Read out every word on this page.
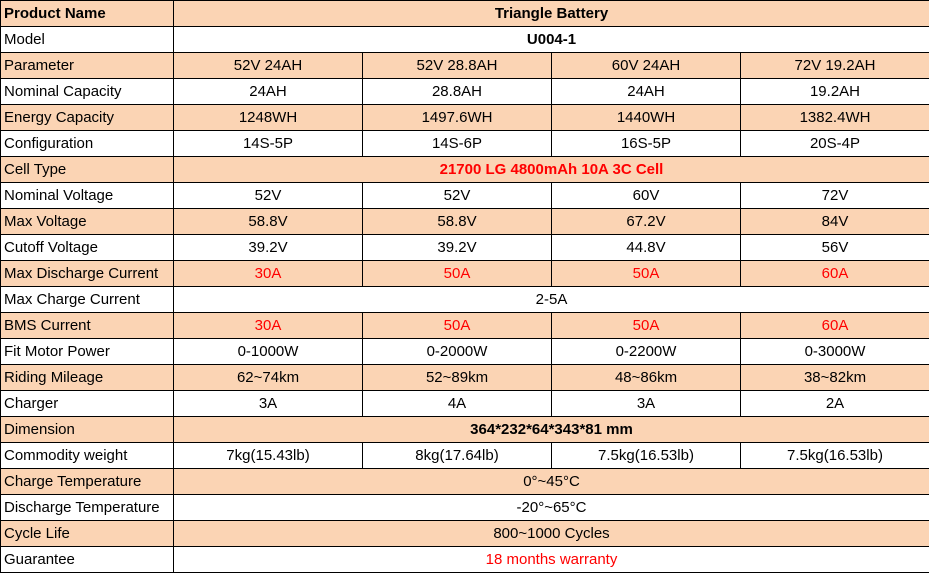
Product Name	Triangle Battery			
Model	U004-1			
Parameter	52V 24AH	52V 28.8AH	60V 24AH	72V 19.2AH
Nominal Capacity	24AH	28.8AH	24AH	19.2AH
Energy Capacity	1248WH	1497.6WH	1440WH	1382.4WH
Configuration	14S-5P	14S-6P	16S-5P	20S-4P
Cell Type	21700 LG 4800mAh 10A 3C Cell			
Nominal Voltage	52V	52V	60V	72V
Max Voltage	58.8V	58.8V	67.2V	84V
Cutoff Voltage	39.2V	39.2V	44.8V	56V
Max Discharge Current	30A	50A	50A	60A
Max Charge Current	2-5A			
BMS Current	30A	50A	50A	60A
Fit Motor Power	0-1000W	0-2000W	0-2200W	0-3000W
Riding Mileage	62~74km	52~89km	48~86km	38~82km
Charger	3A	4A	3A	2A
Dimension	364*232*64*343*81 mm			
Commodity weight	7kg(15.43lb)	8kg(17.64lb)	7.5kg(16.53lb)	7.5kg(16.53lb)
Charge Temperature	0°~45°C			
Discharge Temperature	-20°~65°C			
Cycle Life	800~1000 Cycles			
Guarantee	18 months warranty			
